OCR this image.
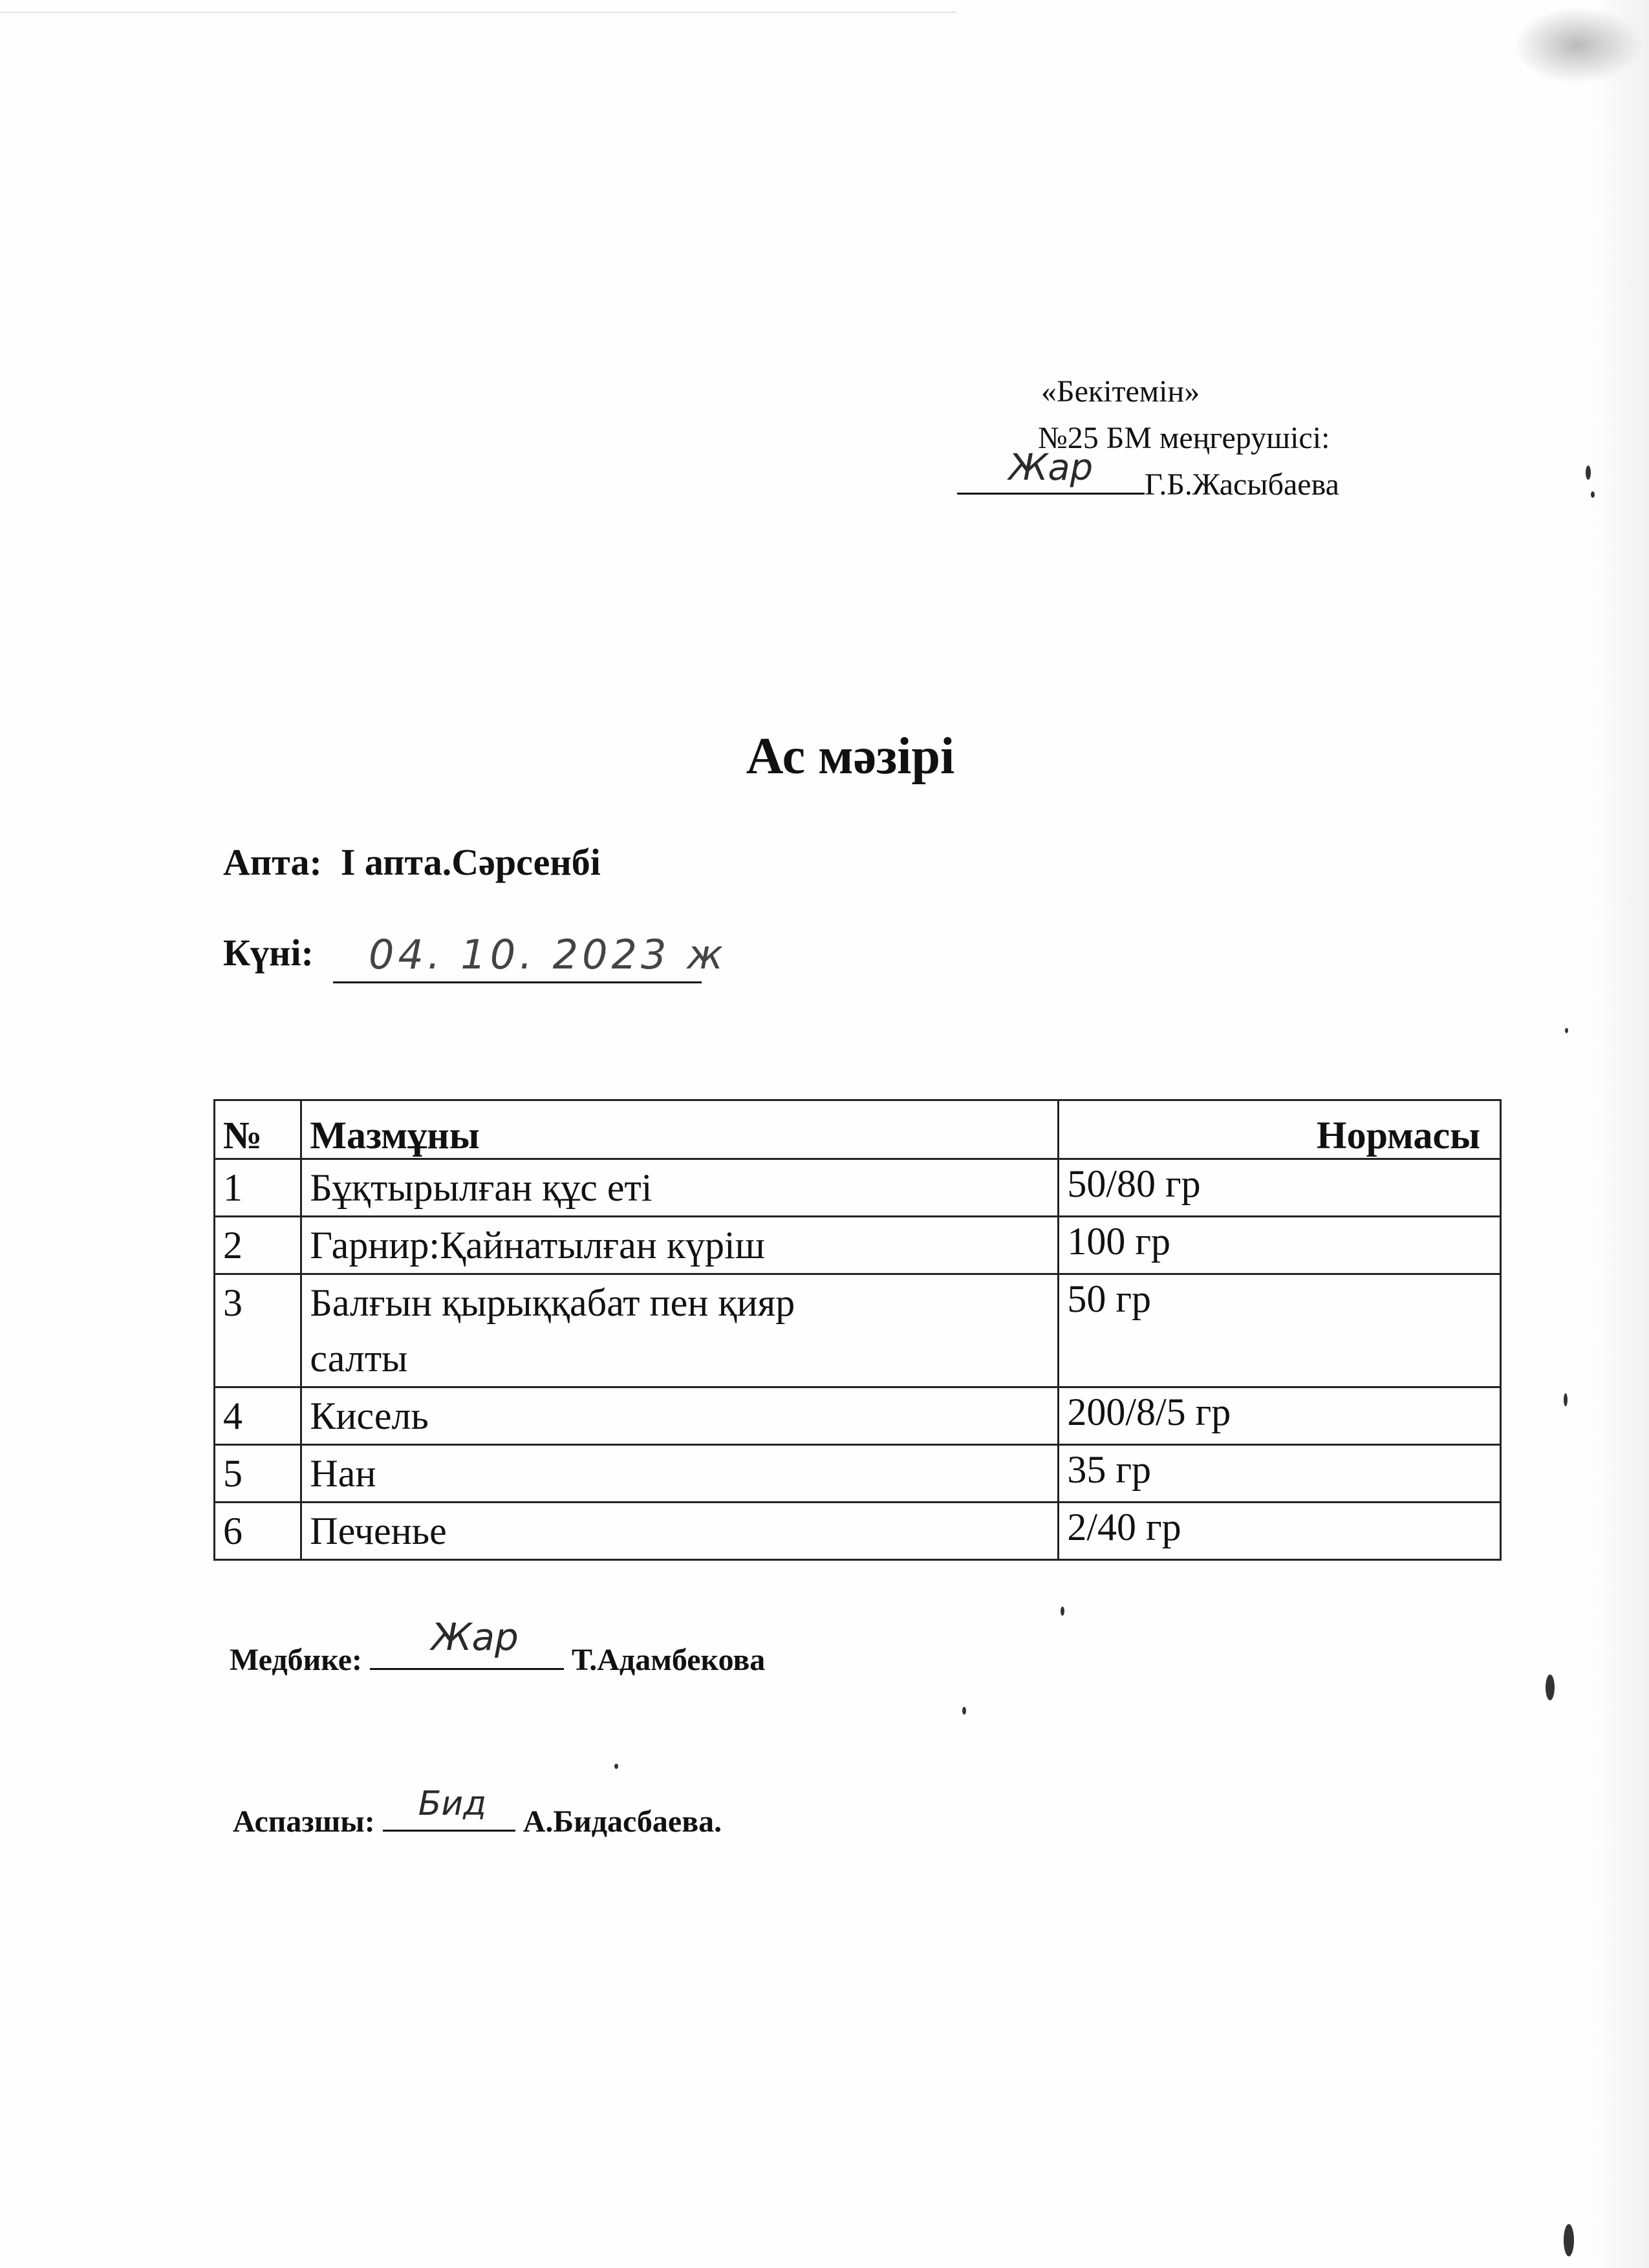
«Бекітемін»
№25 БМ меңгерушісі:
Жар Г.Б.Жасыбаева
Ас мәзірі
Апта: I апта.Сәрсенбі
Күні: 04. 10. 2023 ж
№	Мазмұны	Нормасы
1	Бұқтырылған құс еті	50/80 гр
2	Гарнир:Қайнатылған күріш	100 гр
3	Балғын қырыққабат пен қияр салты	50 гр
4	Кисель	200/8/5 гр
5	Нан	35 гр
6	Печенье	2/40 гр
Медбике:
Жар
Т.Адамбекова
Аспазшы: Бид А.Бидасбаева.
